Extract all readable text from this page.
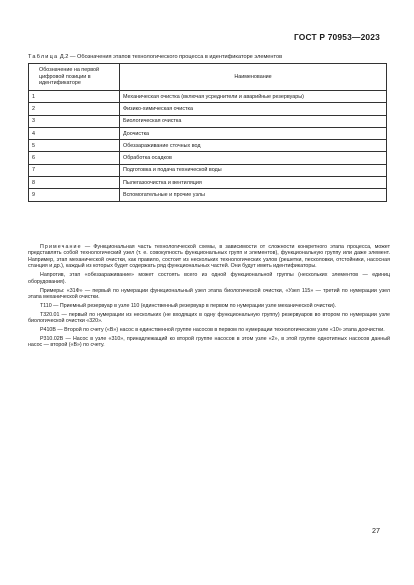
ГОСТ Р 70953—2023
Таблица Д.2 — Обозначения этапов технологического процесса в идентификаторе элементов
Обозначение на первой цифровой позиции в идентификаторе	Наименование
1	Механическая очистка (включая усреднители и аварийные резервуары)
2	Физико-химическая очистка
3	Биологическая очистка
4	Доочистка
5	Обеззараживание сточных вод
6	Обработка осадков
7	Подготовка и подача технической воды
8	Пылегазоочистка и вентиляция
9	Вспомогательные и прочие узлы

Примечание — Функциональная часть технологической схемы, в зависимости от сложности конкретного этапа процесса, может представлять собой технологический узел (т. е. совокупность функциональных групп и элементов), функциональную группу или даже элемент. Например, этап механической очистки, как правило, состоит из нескольких технологических узлов (решетки, песколовки, отстойники, насосная станция и др.), каждый из которых будет содержать ряд функциональных частей. Они будут иметь идентификаторы.

Напротив, этап «обеззараживание» может состоять всего из одной функциональной группы (нескольких элементов — единиц оборудования).

Примеры: «31Ф» — первый по нумерации функциональный узел этапа биологической очистки, «Узел 115» — третий по нумерации узел этапа механической очистки.

Т110 — Приемный резервуар в узле 110 (единственный резервуар в первом по нумерации узле механической очистки).

Т320.01 — первый по нумерации из нескольких (не входящих в одну функциональную группу) резервуаров во втором по нумерации узле биологической очистки «320».

Р410В — Второй по счету («В») насос в единственной группе насосов в первом по нумерации технологическом узле «10» этапа доочистки.

Р310.02В — Насос в узле «310», принадлежащий ко второй группе насосов в этом узле «2», в этой группе однотипных насосов данный насос — второй («В») по счету.

27
